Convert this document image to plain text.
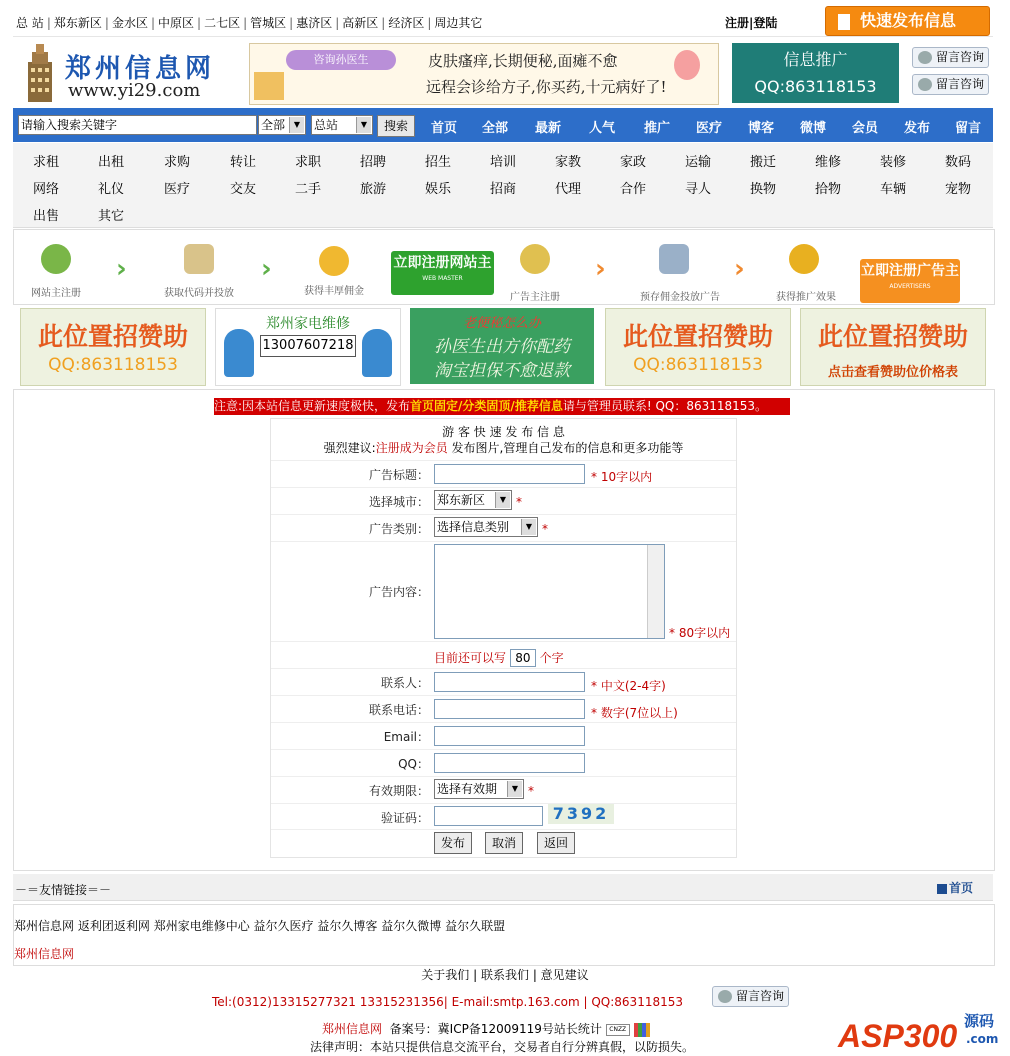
总 站 | 郑东新区 | 金水区 | 中原区 | 二七区 | 管城区 | 惠济区 | 高新区 | 经济区 | 周边其它	注册|登陆	快速发布信息
郑州信息网
www.yi29.com
咨询孙医生	皮肤瘙痒,长期便秘,面瘫不愈
远程会诊给方子,你买药,十元病好了!
信息推广
QQ:863118153
留言咨询
留言咨询
请输入搜索关键字	全部	▼	总站	▼	搜索	首页 全部 最新 人气 推广 医疗 博客 微博 会员 发布 留言
求租	出租	求购	转让	求职	招聘	招生	培训	家教	家政	运输	搬迁	维修	装修	数码
网络	礼仪	医疗	交友	二手	旅游	娱乐	招商	代理	合作	寻人	换物	拾物	车辆	宠物
出售	其它
网站主注册
›
获取代码并投放
›
获得丰厚佣金
立即注册网站主
WEB MASTER
广告主注册
›
预存佣金投放广告
›
获得推广效果
立即注册广告主
ADVERTISERS
此位置招赞助
QQ:863118153
郑州家电维修
13007607218
老便秘怎么办
孙医生出方你配药
淘宝担保不愈退款
此位置招赞助
QQ:863118153
此位置招赞助
点击查看赞助位价格表
注意:因本站信息更新速度极快，发布首页固定/分类固顶/推荐信息请与管理员联系! QQ：863118153。
游 客 快 速 发 布 信 息
强烈建议:注册成为会员 发布图片,管理自己发布的信息和更多功能等
广告标题：	* 10字以内
选择城市： 郑东新区	▼ *
广告类别： 选择信息类别	▼ *
广告内容：
* 80字以内
目前还可以写 80 个字
联系人：	* 中文(2-4字)
联系电话：	* 数字(7位以上)
Email：
QQ：
有效期限： 选择有效期	▼ *
验证码：	7392
发布	取消	返回
－＝友情链接＝－	首页
郑州信息网 返利团返利网 郑州家电维修中心 益尔久医疗 益尔久博客 益尔久微博 益尔久联盟
郑州信息网
关于我们 | 联系我们 | 意见建议
Tel:(0312)13315277321 13315231356| E-mail:smtp.163.com | QQ:863118153	留言咨询
郑州信息网 备案号：冀ICP备12009119号站长统计 CNZZ
法律声明：本站只提供信息交流平台，交易者自行分辨真假，以防损失。	ASP300 源码
.com
